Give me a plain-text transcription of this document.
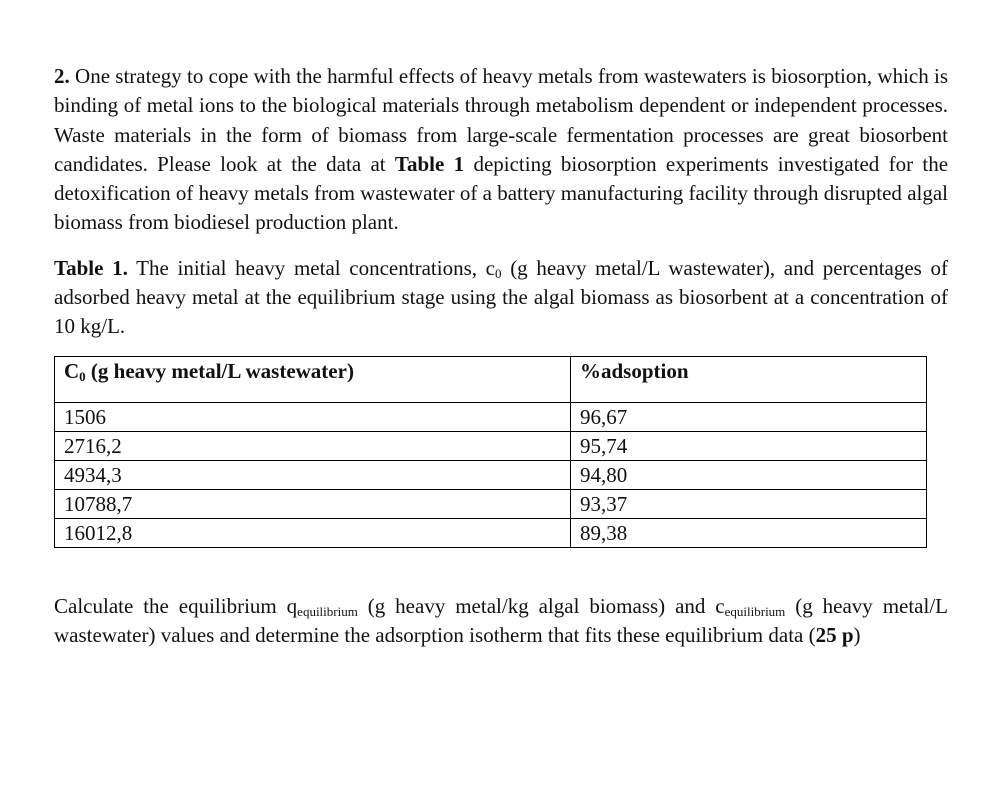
2. One strategy to cope with the harmful effects of heavy metals from wastewaters is biosorption, which is binding of metal ions to the biological materials through metabolism dependent or independent processes. Waste materials in the form of biomass from large-scale fermentation processes are great biosorbent candidates. Please look at the data at Table 1 depicting biosorption experiments investigated for the detoxification of heavy metals from wastewater of a battery manufacturing facility through disrupted algal biomass from biodiesel production plant.

Table 1. The initial heavy metal concentrations, $c_0$ (g heavy metal/L wastewater), and percentages of adsorbed heavy metal at the equilibrium stage using the algal biomass as biosorbent at a concentration of 10 kg/L.

$C_0$ (g heavy metal/L wastewater)	%adsoption
1506	96,67
2716,2	95,74
4934,3	94,80
10788,7	93,37
16012,8	89,38

Calculate the equilibrium $q_{equilibrium}$ (g heavy metal/kg algal biomass) and $c_{equilibrium}$ (g heavy metal/L wastewater) values and determine the adsorption isotherm that fits these equilibrium data (25 p)
